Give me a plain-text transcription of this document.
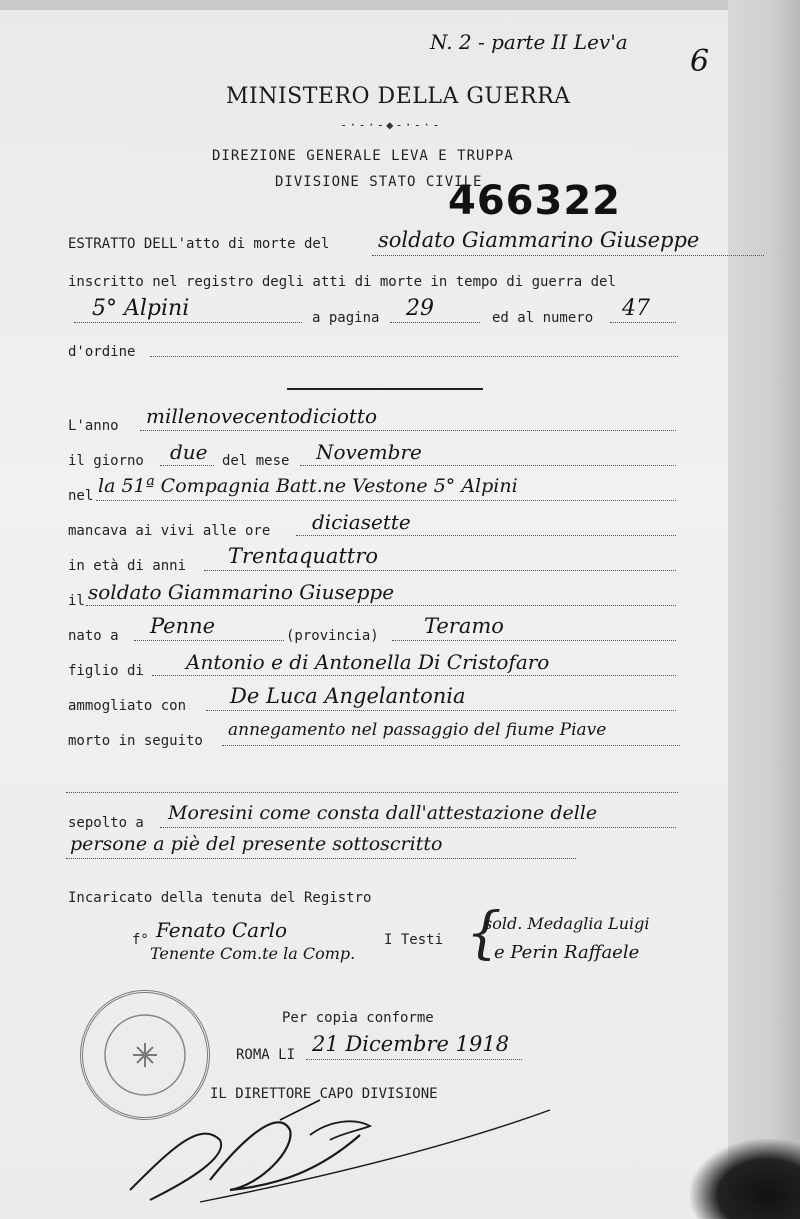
N. 2 - parte II Lev'a
6
MINISTERO DELLA GUERRA
-·-·-◆-·-·-
DIREZIONE GENERALE LEVA E TRUPPA
DIVISIONE STATO CIVILE
466322
ESTRATTO DELL'atto di morte del soldato Giammarino Giuseppe
inscritto nel registro degli atti di morte in tempo di guerra del
5° Alpini	a pagina 29	ed al numero 47
d'ordine
L'anno millenovecentodiciotto
il giorno due del mese Novembre
nel la 51ª Compagnia Batt.ne Vestone 5° Alpini
mancava ai vivi alle ore diciasette
in età di anni Trentaquattro
il soldato Giammarino Giuseppe
nato a Penne	(provincia) Teramo
figlio di Antonio e di Antonella Di Cristofaro
ammogliato con De Luca Angelantonia
morto in seguito
annegamento nel passaggio del fiume Piave
sepolto a Moresini come consta dall'attestazione delle
persone a piè del presente sottoscritto
Incaricato della tenuta del Registro
f° Fenato Carlo
Tenente Com.te la Comp.
I Testi {
sold. Medaglia Luigi
e Perin Raffaele
Per copia conforme
ROMA LI 21 Dicembre 1918
IL DIRETTORE CAPO DIVISIONE
